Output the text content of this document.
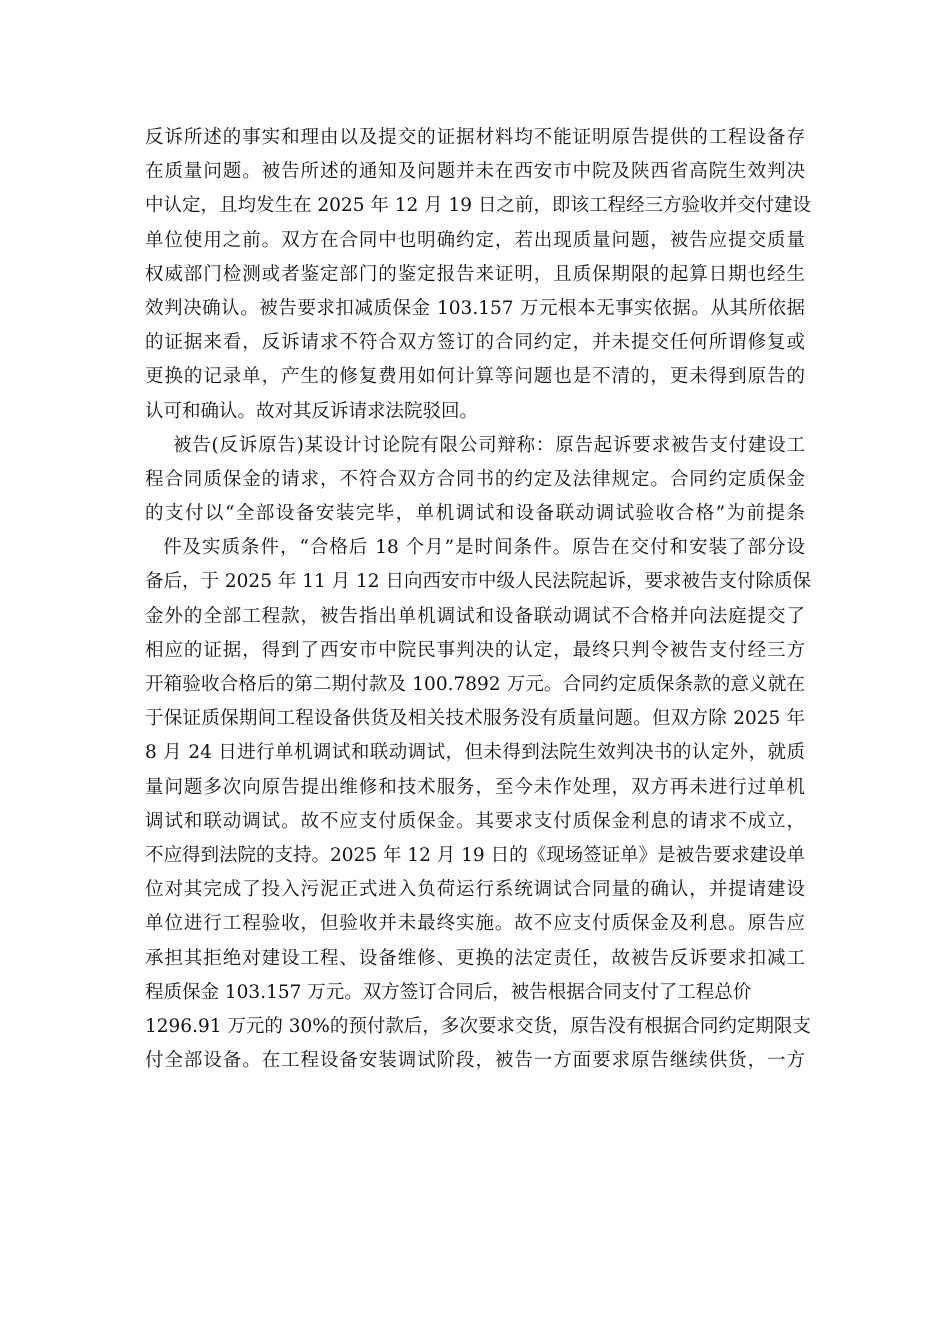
反诉所述的事实和理由以及提交的证据材料均不能证明原告提供的工程设备存
在质量问题。被告所述的通知及问题并未在西安市中院及陕西省高院生效判决
中认定，且均发生在 2025 年 12 月 19 日之前，即该工程经三方验收并交付建设
单位使用之前。双方在合同中也明确约定，若出现质量问题，被告应提交质量
权威部门检测或者鉴定部门的鉴定报告来证明，且质保期限的起算日期也经生
效判决确认。被告要求扣减质保金 103.157 万元根本无事实依据。从其所依据
的证据来看，反诉请求不符合双方签订的合同约定，并未提交任何所谓修复或
更换的记录单，产生的修复费用如何计算等问题也是不清的，更未得到原告的
认可和确认。故对其反诉请求法院驳回。
被告(反诉原告)某设计讨论院有限公司辩称：原告起诉要求被告支付建设工
程合同质保金的请求，不符合双方合同书的约定及法律规定。合同约定质保金
的支付以“全部设备安装完毕，单机调试和设备联动调试验收合格”为前提条
件及实质条件，“合格后 18 个月”是时间条件。原告在交付和安装了部分设
备后，于 2025 年 11 月 12 日向西安市中级人民法院起诉，要求被告支付除质保
金外的全部工程款，被告指出单机调试和设备联动调试不合格并向法庭提交了
相应的证据，得到了西安市中院民事判决的认定，最终只判令被告支付经三方
开箱验收合格后的第二期付款及 100.7892 万元。合同约定质保条款的意义就在
于保证质保期间工程设备供货及相关技术服务没有质量问题。但双方除 2025 年
8 月 24 日进行单机调试和联动调试，但未得到法院生效判决书的认定外，就质
量问题多次向原告提出维修和技术服务，至今未作处理，双方再未进行过单机
调试和联动调试。故不应支付质保金。其要求支付质保金利息的请求不成立，
不应得到法院的支持。2025 年 12 月 19 日的《现场签证单》是被告要求建设单
位对其完成了投入污泥正式进入负荷运行系统调试合同量的确认，并提请建设
单位进行工程验收，但验收并未最终实施。故不应支付质保金及利息。原告应
承担其拒绝对建设工程、设备维修、更换的法定责任，故被告反诉要求扣减工
程质保金 103.157 万元。双方签订合同后，被告根据合同支付了工程总价
1296.91 万元的 30%的预付款后，多次要求交货，原告没有根据合同约定期限支
付全部设备。在工程设备安装调试阶段，被告一方面要求原告继续供货，一方
